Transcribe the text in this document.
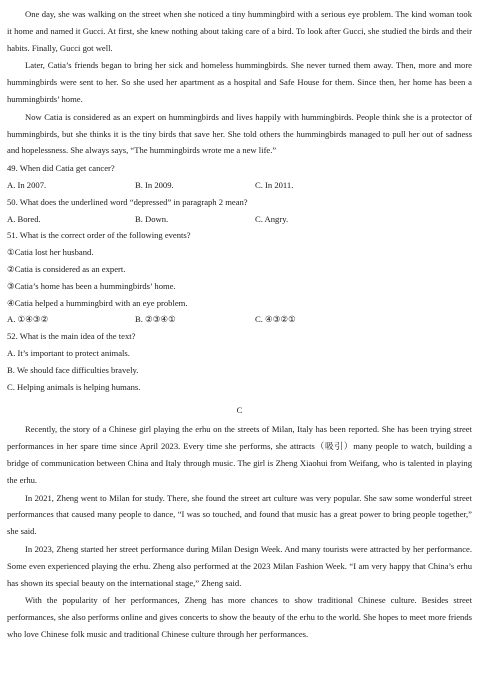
One day, she was walking on the street when she noticed a tiny hummingbird with a serious eye problem. The kind woman took it home and named it Gucci. At first, she knew nothing about taking care of a bird. To look after Gucci, she studied the birds and their habits. Finally, Gucci got well.

Later, Catia’s friends began to bring her sick and homeless hummingbirds. She never turned them away. Then, more and more hummingbirds were sent to her. So she used her apartment as a hospital and Safe House for them. Since then, her home has been a hummingbirds’ home.

Now Catia is considered as an expert on hummingbirds and lives happily with hummingbirds. People think she is a protector of hummingbirds, but she thinks it is the tiny birds that save her. She told others the hummingbirds managed to pull her out of sadness and hopelessness. She always says, “The hummingbirds wrote me a new life.”

49. When did Catia get cancer?
A. In 2007.	B. In 2009.	C. In 2011.
50. What does the underlined word “depressed” in paragraph 2 mean?
A. Bored.	B. Down.	C. Angry.
51. What is the correct order of the following events?
①Catia lost her husband.
②Catia is considered as an expert.
③Catia’s home has been a hummingbirds’ home.
④Catia helped a hummingbird with an eye problem.
A. ①④③②	B. ②③④①	C. ④③②①
52. What is the main idea of the text?
A. It’s important to protect animals.
B. We should face difficulties bravely.
C. Helping animals is helping humans.
C

Recently, the story of a Chinese girl playing the erhu on the streets of Milan, Italy has been reported. She has been trying street performances in her spare time since April 2023. Every time she performs, she attracts（吸引）many people to watch, building a bridge of communication between China and Italy through music. The girl is Zheng Xiaohui from Weifang, who is talented in playing the erhu.

In 2021, Zheng went to Milan for study. There, she found the street art culture was very popular. She saw some wonderful street performances that caused many people to dance, “I was so touched, and found that music has a great power to bring people together,” she said.

In 2023, Zheng started her street performance during Milan Design Week. And many tourists were attracted by her performance. Some even experienced playing the erhu. Zheng also performed at the 2023 Milan Fashion Week. “I am very happy that China’s erhu has shown its special beauty on the international stage,” Zheng said.

With the popularity of her performances, Zheng has more chances to show traditional Chinese culture. Besides street performances, she also performs online and gives concerts to show the beauty of the erhu to the world. She hopes to meet more friends who love Chinese folk music and traditional Chinese culture through her performances.
